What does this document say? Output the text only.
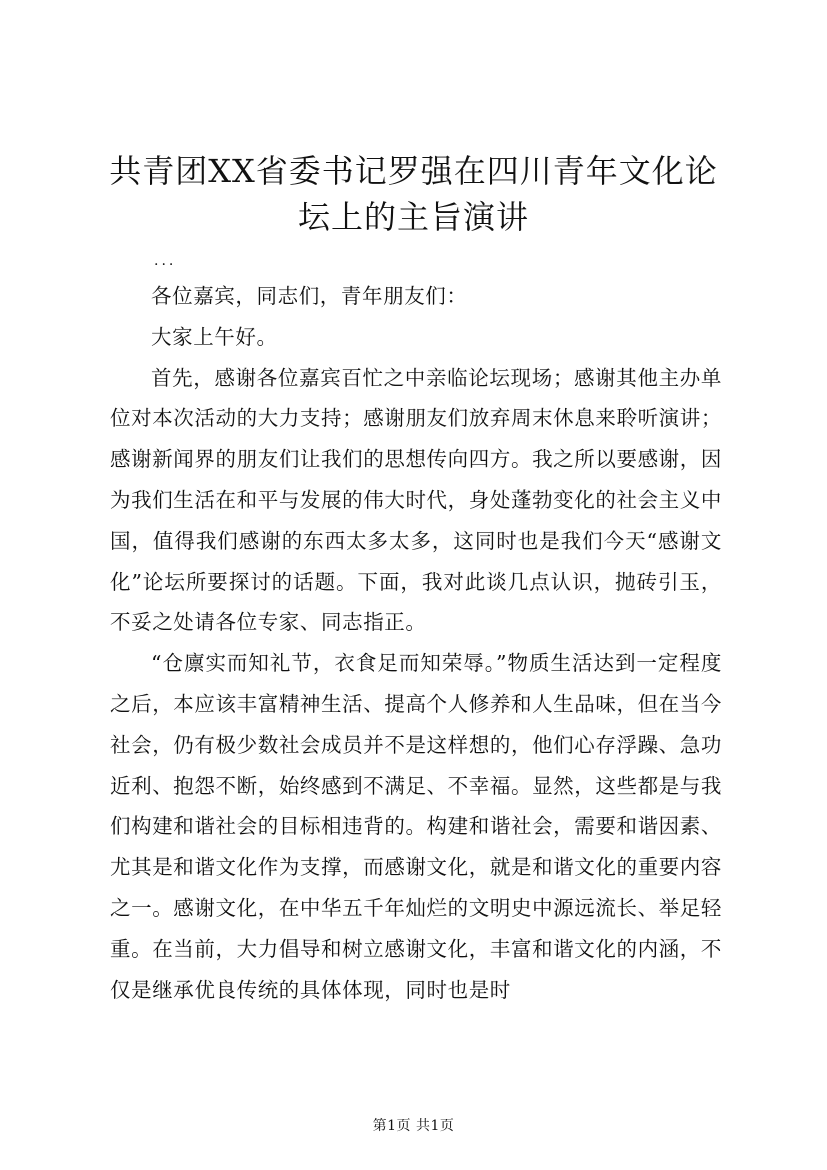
共青团XX省委书记罗强在四川青年文化论坛上的主旨演讲

...

各位嘉宾，同志们，青年朋友们：

大家上午好。

首先，感谢各位嘉宾百忙之中亲临论坛现场；感谢其他主办单位对本次活动的大力支持；感谢朋友们放弃周末休息来聆听演讲；感谢新闻界的朋友们让我们的思想传向四方。我之所以要感谢，因为我们生活在和平与发展的伟大时代，身处蓬勃变化的社会主义中国，值得我们感谢的东西太多太多，这同时也是我们今天“感谢文化”论坛所要探讨的话题。下面，我对此谈几点认识，抛砖引玉，不妥之处请各位专家、同志指正。

“仓廪实而知礼节，衣食足而知荣辱。”物质生活达到一定程度之后，本应该丰富精神生活、提高个人修养和人生品味，但在当今社会，仍有极少数社会成员并不是这样想的，他们心存浮躁、急功近利、抱怨不断，始终感到不满足、不幸福。显然，这些都是与我们构建和谐社会的目标相违背的。构建和谐社会，需要和谐因素、尤其是和谐文化作为支撑，而感谢文化，就是和谐文化的重要内容之一。感谢文化，在中华五千年灿烂的文明史中源远流长、举足轻重。在当前，大力倡导和树立感谢文化，丰富和谐文化的内涵，不仅是继承优良传统的具体体现，同时也是时

第1页 共1页
